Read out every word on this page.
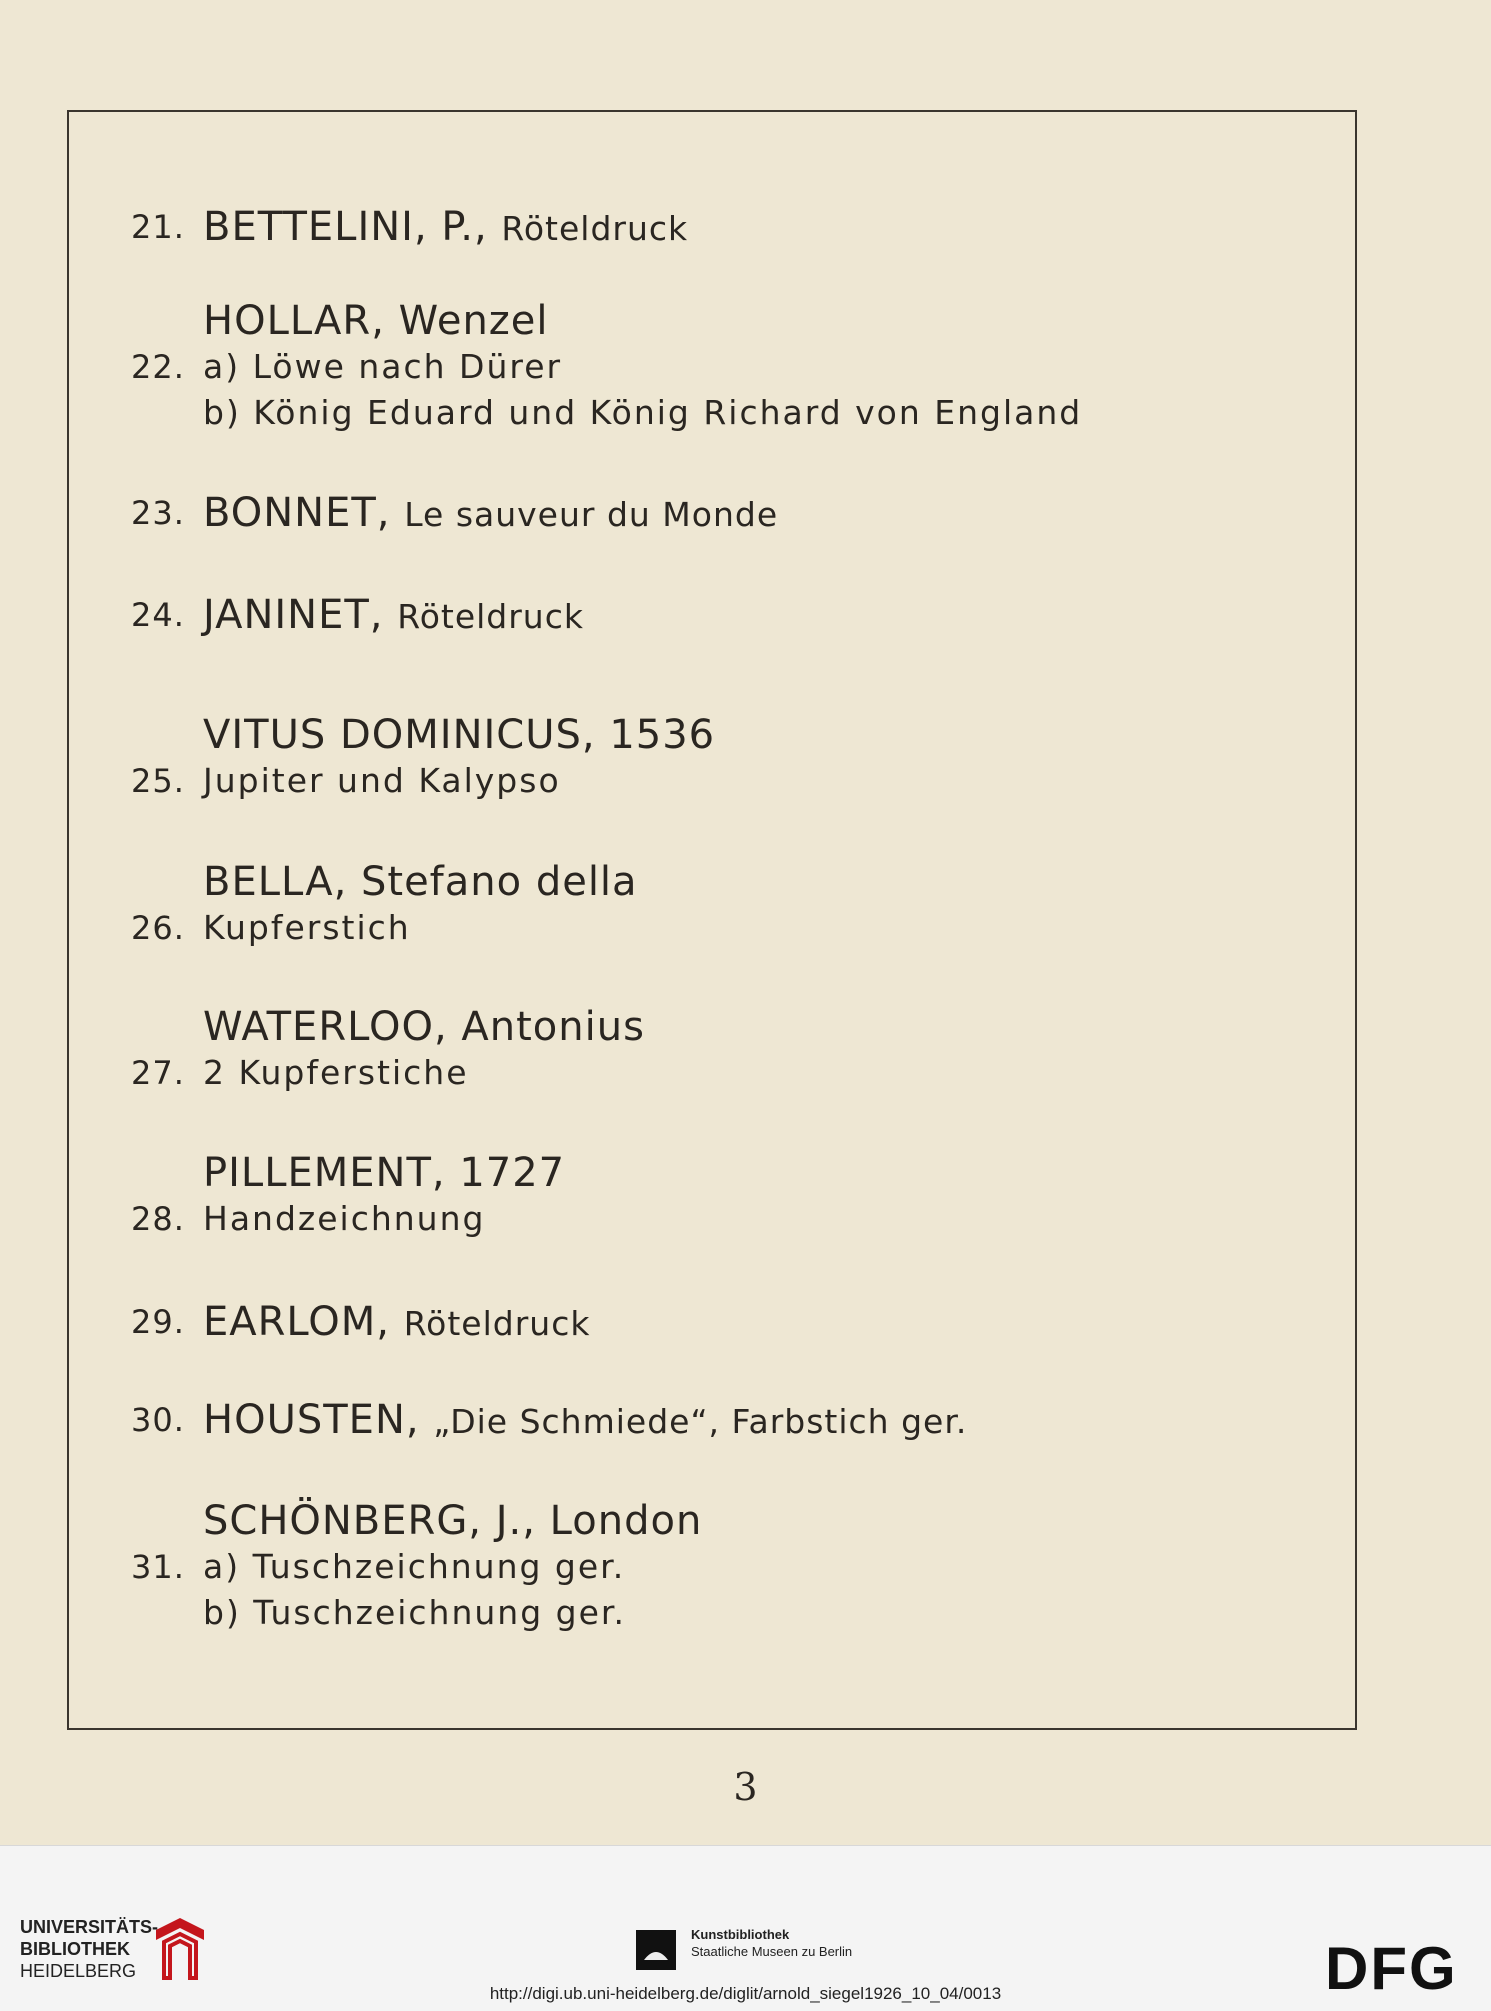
21. BETTELINI, P., Röteldruck
HOLLAR, Wenzel
22. a) Löwe nach Dürer
b) König Eduard und König Richard von England
23. BONNET, Le sauveur du Monde
24. JANINET, Röteldruck
VITUS DOMINICUS, 1536
25. Jupiter und Kalypso
BELLA, Stefano della
26. Kupferstich
WATERLOO, Antonius
27. 2 Kupferstiche
PILLEMENT, 1727
28. Handzeichnung
29. EARLOM, Röteldruck
30. HOUSTEN, „Die Schmiede“, Farbstich ger.
SCHÖNBERG, J., London
31. a) Tuschzeichnung ger.
b) Tuschzeichnung ger.
3
UNIVERSITÄTS-
BIBLIOTHEK
HEIDELBERG
Kunstbibliothek
Staatliche Museen zu Berlin	DFG
http://digi.ub.uni-heidelberg.de/diglit/arnold_siegel1926_10_04/0013
